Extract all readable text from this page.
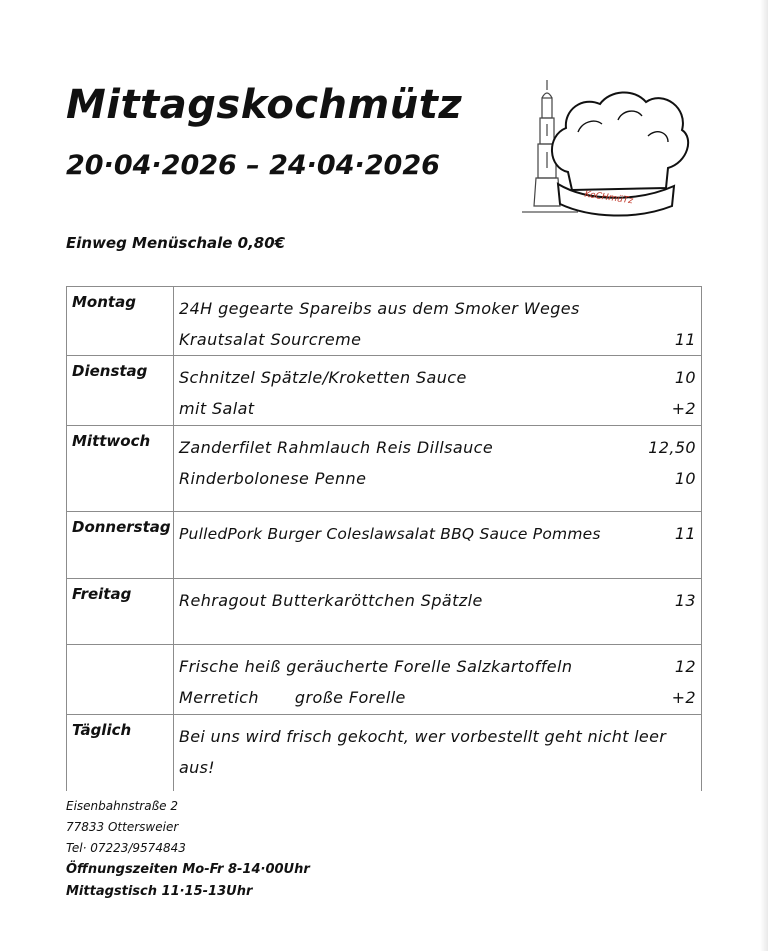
Mittagskochmütz
20·04·2026 – 24·04·2026
KoCHmüTz
Einweg Menüschale 0,80€
Montag	24H gegearte Spareibs aus dem Smoker Weges
Krautsalat Sourcreme 11

Dienstag	Schnitzel Spätzle/Kroketten Sauce 10
mit Salat +2

Mittwoch	Zanderfilet Rahmlauch Reis Dillsauce 12,50
Rinderbolonese Penne 10

Donnerstag	PulledPork Burger Coleslawsalat BBQ Sauce Pommes 11

Freitag	Rehragout Butterkaröttchen Spätzle 13

	Frische heiß geräucherte Forelle Salzkartoffeln 12
Merretich große Forelle +2

Täglich	Bei uns wird frisch gekocht, wer vorbestellt geht nicht leer aus!
Eisenbahnstraße 2
77833 Ottersweier
Tel· 07223/9574843
Öffnungszeiten Mo-Fr 8-14·00Uhr
Mittagstisch 11·15-13Uhr
